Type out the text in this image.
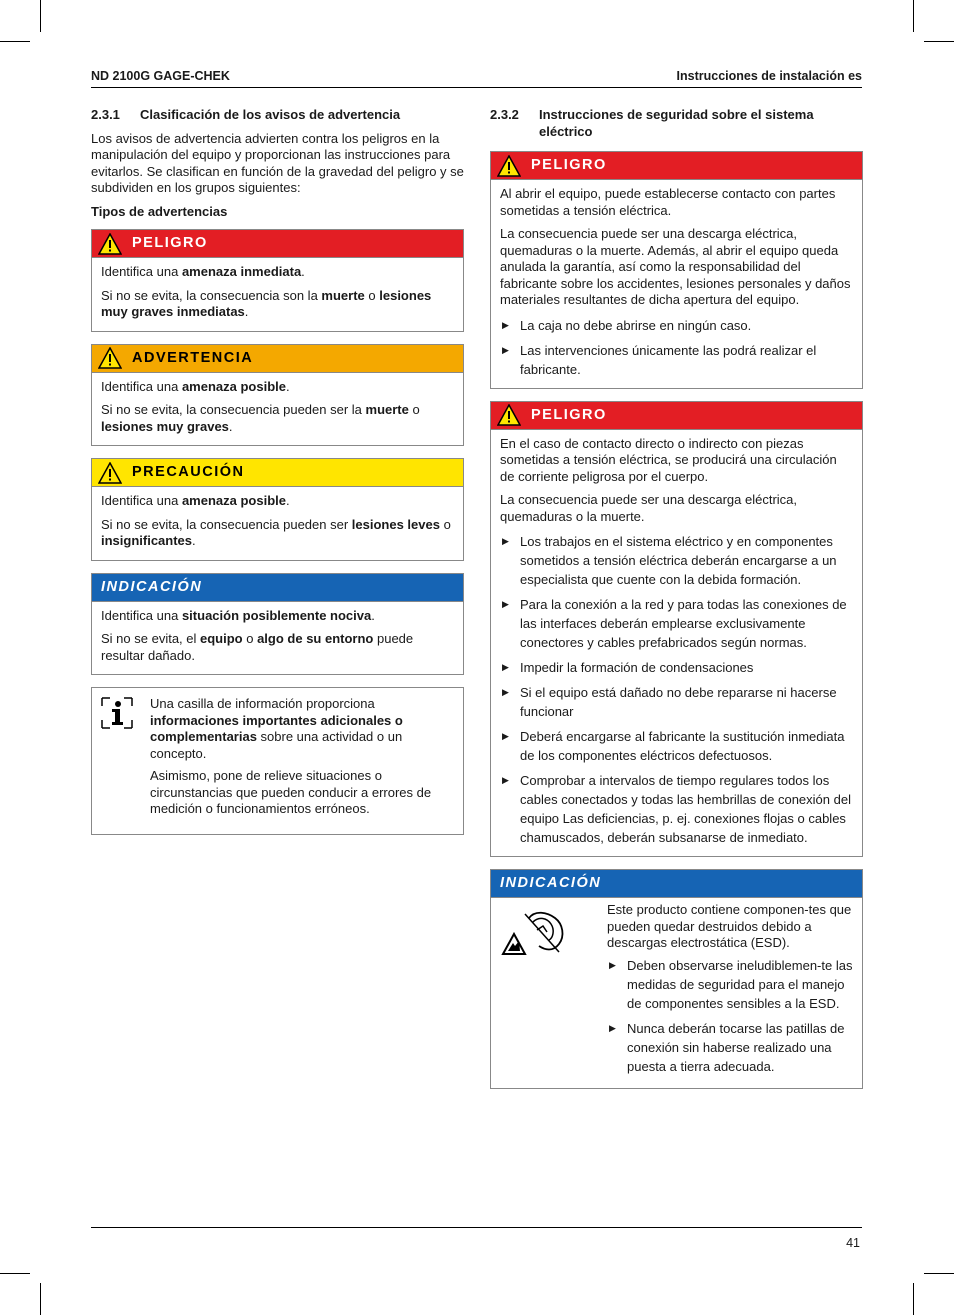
ND 2100G GAGE-CHEK	Instrucciones de instalación es
2.3.1	Clasificación de los avisos de advertencia

Los avisos de advertencia advierten contra los peligros en la manipulación del equipo y proporcionan las instrucciones para evitarlos. Se clasifican en función de la gravedad del peligro y se subdividen en los grupos siguientes:

Tipos de advertencias
PELIGRO

Identifica una amenaza inmediata.

Si no se evita, la consecuencia son la muerte o lesiones muy graves inmediatas.

ADVERTENCIA

Identifica una amenaza posible.

Si no se evita, la consecuencia pueden ser la muerte o lesiones muy graves.

PRECAUCIÓN

Identifica una amenaza posible.

Si no se evita, la consecuencia pueden ser lesiones leves o insignificantes.

INDICACIÓN

Identifica una situación posiblemente nociva.

Si no se evita, el equipo o algo de su entorno puede resultar dañado.

Una casilla de información proporciona informaciones importantes adicionales o complementarias sobre una actividad o un concepto.

Asimismo, pone de relieve situaciones o circunstancias que pueden conducir a errores de medición o funcionamientos erróneos.

2.3.2	Instrucciones de seguridad sobre el sistema eléctrico
PELIGRO

Al abrir el equipo, puede establecerse contacto con partes sometidas a tensión eléctrica.

La consecuencia puede ser una descarga eléctrica, quemaduras o la muerte. Además, al abrir el equipo queda anulada la garantía, así como la responsabilidad del fabricante sobre los accidentes, lesiones personales y daños materiales resultantes de dicha apertura del equipo.

▶ La caja no debe abrirse en ningún caso.
▶ Las intervenciones únicamente las podrá realizar el fabricante.
PELIGRO

En el caso de contacto directo o indirecto con piezas sometidas a tensión eléctrica, se producirá una circulación de corriente peligrosa por el cuerpo.

La consecuencia puede ser una descarga eléctrica, quemaduras o la muerte.

▶ Los trabajos en el sistema eléctrico y en componentes sometidos a tensión eléctrica deberán encargarse a un especialista que cuente con la debida formación.
▶ Para la conexión a la red y para todas las conexiones de las interfaces deberán emplearse exclusivamente conectores y cables prefabricados según normas.
▶ Impedir la formación de condensaciones
▶ Si el equipo está dañado no debe repararse ni hacerse funcionar
▶ Deberá encargarse al fabricante la sustitución inmediata de los componentes eléctricos defectuosos.
▶ Comprobar a intervalos de tiempo regulares todos los cables conectados y todas las hembrillas de conexión del equipo Las deficiencias, p. ej. conexiones flojas o cables chamuscados, deberán subsanarse de inmediato.
INDICACIÓN

Este producto contiene componen-tes que pueden quedar destruidos debido a descargas electrostática (ESD).

▶ Deben observarse ineludiblemen-te las medidas de seguridad para el manejo de componentes sensibles a la ESD.
▶ Nunca deberán tocarse las patillas de conexión sin haberse realizado una puesta a tierra adecuada.
41
